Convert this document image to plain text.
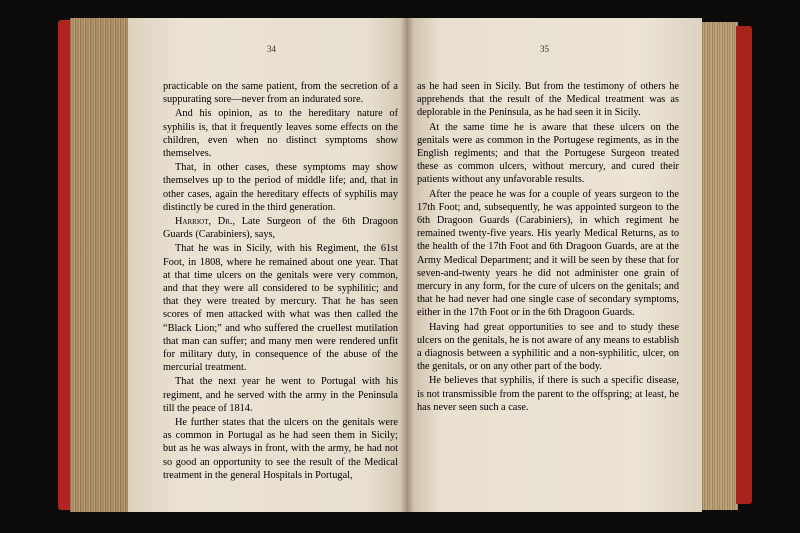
34	35

practicable on the same patient, from the secretion of a suppurating sore—never from an indurated sore.

And his opinion, as to the hereditary nature of syphilis is, that it frequently leaves some effects on the children, even when no distinct symptoms show themselves.

That, in other cases, these symptoms may show themselves up to the period of middle life; and, that in other cases, again the hereditary effects of syphilis may distinctly be cured in the third generation.

Harriot, Dr., Late Surgeon of the 6th Dragoon Guards (Carabiniers), says,

That he was in Sicily, with his Regiment, the 61st Foot, in 1808, where he remained about one year. That at that time ulcers on the genitals were very common, and that they were all considered to be syphilitic; and that they were treated by mercury. That he has seen scores of men attacked with what was then called the “Black Lion;” and who suffered the cruellest mutilation that man can suffer; and many men were rendered unfit for military duty, in consequence of the abuse of the mercurial treatment.

That the next year he went to Portugal with his regiment, and he served with the army in the Peninsula till the peace of 1814.

He further states that the ulcers on the genitals were as common in Portugal as he had seen them in Sicily; but as he was always in front, with the army, he had not so good an opportunity to see the result of the Medical treatment in the general Hospitals in Portugal,

as he had seen in Sicily. But from the testimony of others he apprehends that the result of the Medical treatment was as deplorable in the Peninsula, as he had seen it in Sicily.

At the same time he is aware that these ulcers on the genitals were as common in the Portugese regiments, as in the English regiments; and that the Portugese Surgeon treated these as common ulcers, without mercury, and cured their patients without any unfavorable results.

After the peace he was for a couple of years surgeon to the 17th Foot; and, subsequently, he was appointed surgeon to the 6th Dragoon Guards (Carabiniers), in which regiment he remained twenty-five years. His yearly Medical Returns, as to the health of the 17th Foot and 6th Dragoon Guards, are at the Army Medical Department; and it will be seen by these that for seven-and-twenty years he did not administer one grain of mercury in any form, for the cure of ulcers on the genitals; and that he had never had one single case of secondary symptoms, either in the 17th Foot or in the 6th Dragoon Guards.

Having had great opportunities to see and to study these ulcers on the genitals, he is not aware of any means to establish a diagnosis between a syphilitic and a non-syphilitic, ulcer, on the genitals, or on any other part of the body.

He believes that syphilis, if there is such a specific disease, is not transmissible from the parent to the offspring; at least, he has never seen such a case.
